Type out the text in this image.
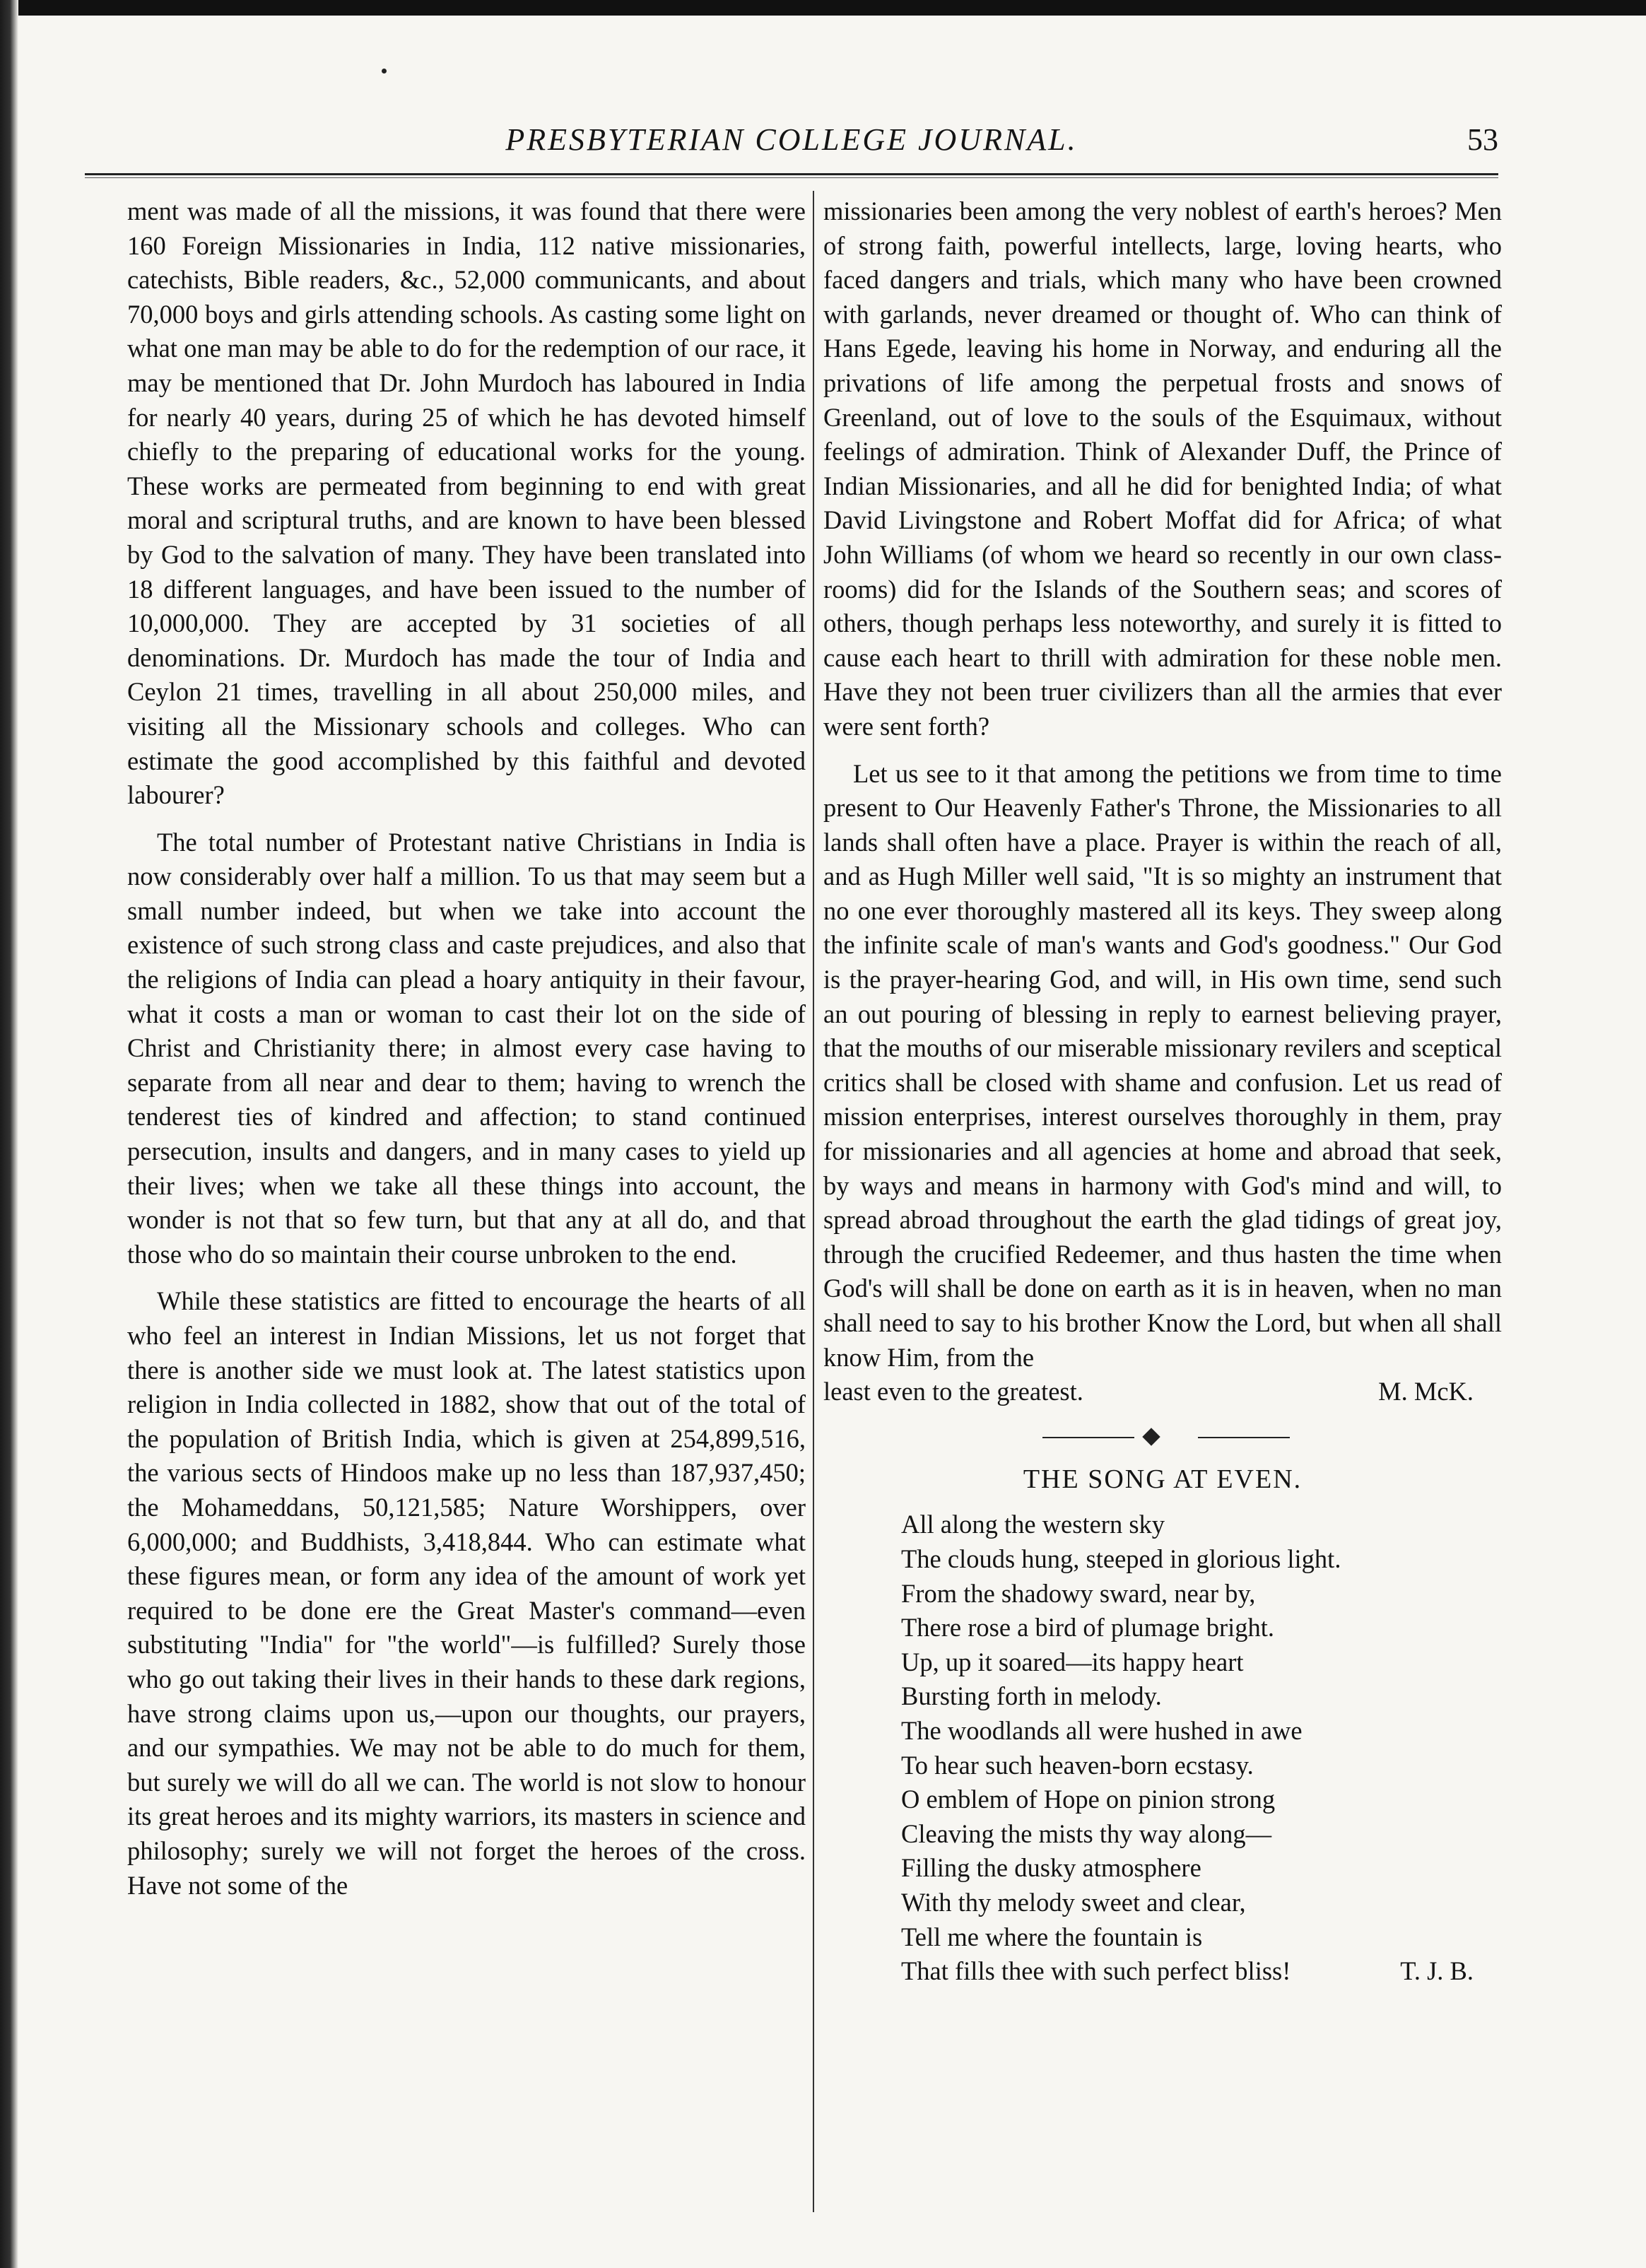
PRESBYTERIAN COLLEGE JOURNAL.	53

ment was made of all the missions, it was found that there were 160 Foreign Missionaries in India, 112 native missionaries, catechists, Bible readers, &c., 52,000 communicants, and about 70,000 boys and girls attending schools. As casting some light on what one man may be able to do for the redemption of our race, it may be mentioned that Dr. John Murdoch has laboured in India for nearly 40 years, during 25 of which he has devoted himself chiefly to the preparing of educational works for the young. These works are permeated from beginning to end with great moral and scriptural truths, and are known to have been blessed by God to the salvation of many. They have been translated into 18 different languages, and have been issued to the number of 10,000,000. They are accepted by 31 societies of all denominations. Dr. Murdoch has made the tour of India and Ceylon 21 times, travelling in all about 250,000 miles, and visiting all the Missionary schools and colleges. Who can estimate the good accomplished by this faithful and devoted labourer?

The total number of Protestant native Christians in India is now considerably over half a million. To us that may seem but a small number indeed, but when we take into account the existence of such strong class and caste prejudices, and also that the religions of India can plead a hoary antiquity in their favour, what it costs a man or woman to cast their lot on the side of Christ and Christianity there; in almost every case having to separate from all near and dear to them; having to wrench the tenderest ties of kindred and affection; to stand continued persecution, insults and dangers, and in many cases to yield up their lives; when we take all these things into account, the wonder is not that so few turn, but that any at all do, and that those who do so maintain their course unbroken to the end.

While these statistics are fitted to encourage the hearts of all who feel an interest in Indian Missions, let us not forget that there is another side we must look at. The latest statistics upon religion in India collected in 1882, show that out of the total of the population of British India, which is given at 254,899,516, the various sects of Hindoos make up no less than 187,937,450; the Mohameddans, 50,121,585; Nature Worshippers, over 6,000,000; and Buddhists, 3,418,844. Who can estimate what these figures mean, or form any idea of the amount of work yet required to be done ere the Great Master's command—even substituting "India" for "the world"—is fulfilled? Surely those who go out taking their lives in their hands to these dark regions, have strong claims upon us,—upon our thoughts, our prayers, and our sympathies. We may not be able to do much for them, but surely we will do all we can. The world is not slow to honour its great heroes and its mighty warriors, its masters in science and philosophy; surely we will not forget the heroes of the cross. Have not some of the

missionaries been among the very noblest of earth's heroes? Men of strong faith, powerful intellects, large, loving hearts, who faced dangers and trials, which many who have been crowned with garlands, never dreamed or thought of. Who can think of Hans Egede, leaving his home in Norway, and enduring all the privations of life among the perpetual frosts and snows of Greenland, out of love to the souls of the Esquimaux, without feelings of admiration. Think of Alexander Duff, the Prince of Indian Missionaries, and all he did for benighted India; of what David Livingstone and Robert Moffat did for Africa; of what John Williams (of whom we heard so recently in our own class-rooms) did for the Islands of the Southern seas; and scores of others, though perhaps less noteworthy, and surely it is fitted to cause each heart to thrill with admiration for these noble men. Have they not been truer civilizers than all the armies that ever were sent forth?

Let us see to it that among the petitions we from time to time present to Our Heavenly Father's Throne, the Missionaries to all lands shall often have a place. Prayer is within the reach of all, and as Hugh Miller well said, "It is so mighty an instrument that no one ever thoroughly mastered all its keys. They sweep along the infinite scale of man's wants and God's goodness." Our God is the prayer-hearing God, and will, in His own time, send such an out pouring of blessing in reply to earnest believing prayer, that the mouths of our miserable missionary revilers and sceptical critics shall be closed with shame and confusion. Let us read of mission enterprises, interest ourselves thoroughly in them, pray for missionaries and all agencies at home and abroad that seek, by ways and means in harmony with God's mind and will, to spread abroad throughout the earth the glad tidings of great joy, through the crucified Redeemer, and thus hasten the time when God's will shall be done on earth as it is in heaven, when no man shall need to say to his brother Know the Lord, but when all shall know Him, from the

least even to the greatest.	M. McK.
THE SONG AT EVEN.
All along the western sky
The clouds hung, steeped in glorious light.
From the shadowy sward, near by,
There rose a bird of plumage bright.
Up, up it soared—its happy heart
Bursting forth in melody.
The woodlands all were hushed in awe
To hear such heaven-born ecstasy.
O emblem of Hope on pinion strong
Cleaving the mists thy way along—
Filling the dusky atmosphere
With thy melody sweet and clear,
Tell me where the fountain is
That fills thee with such perfect bliss!	T. J. B.
